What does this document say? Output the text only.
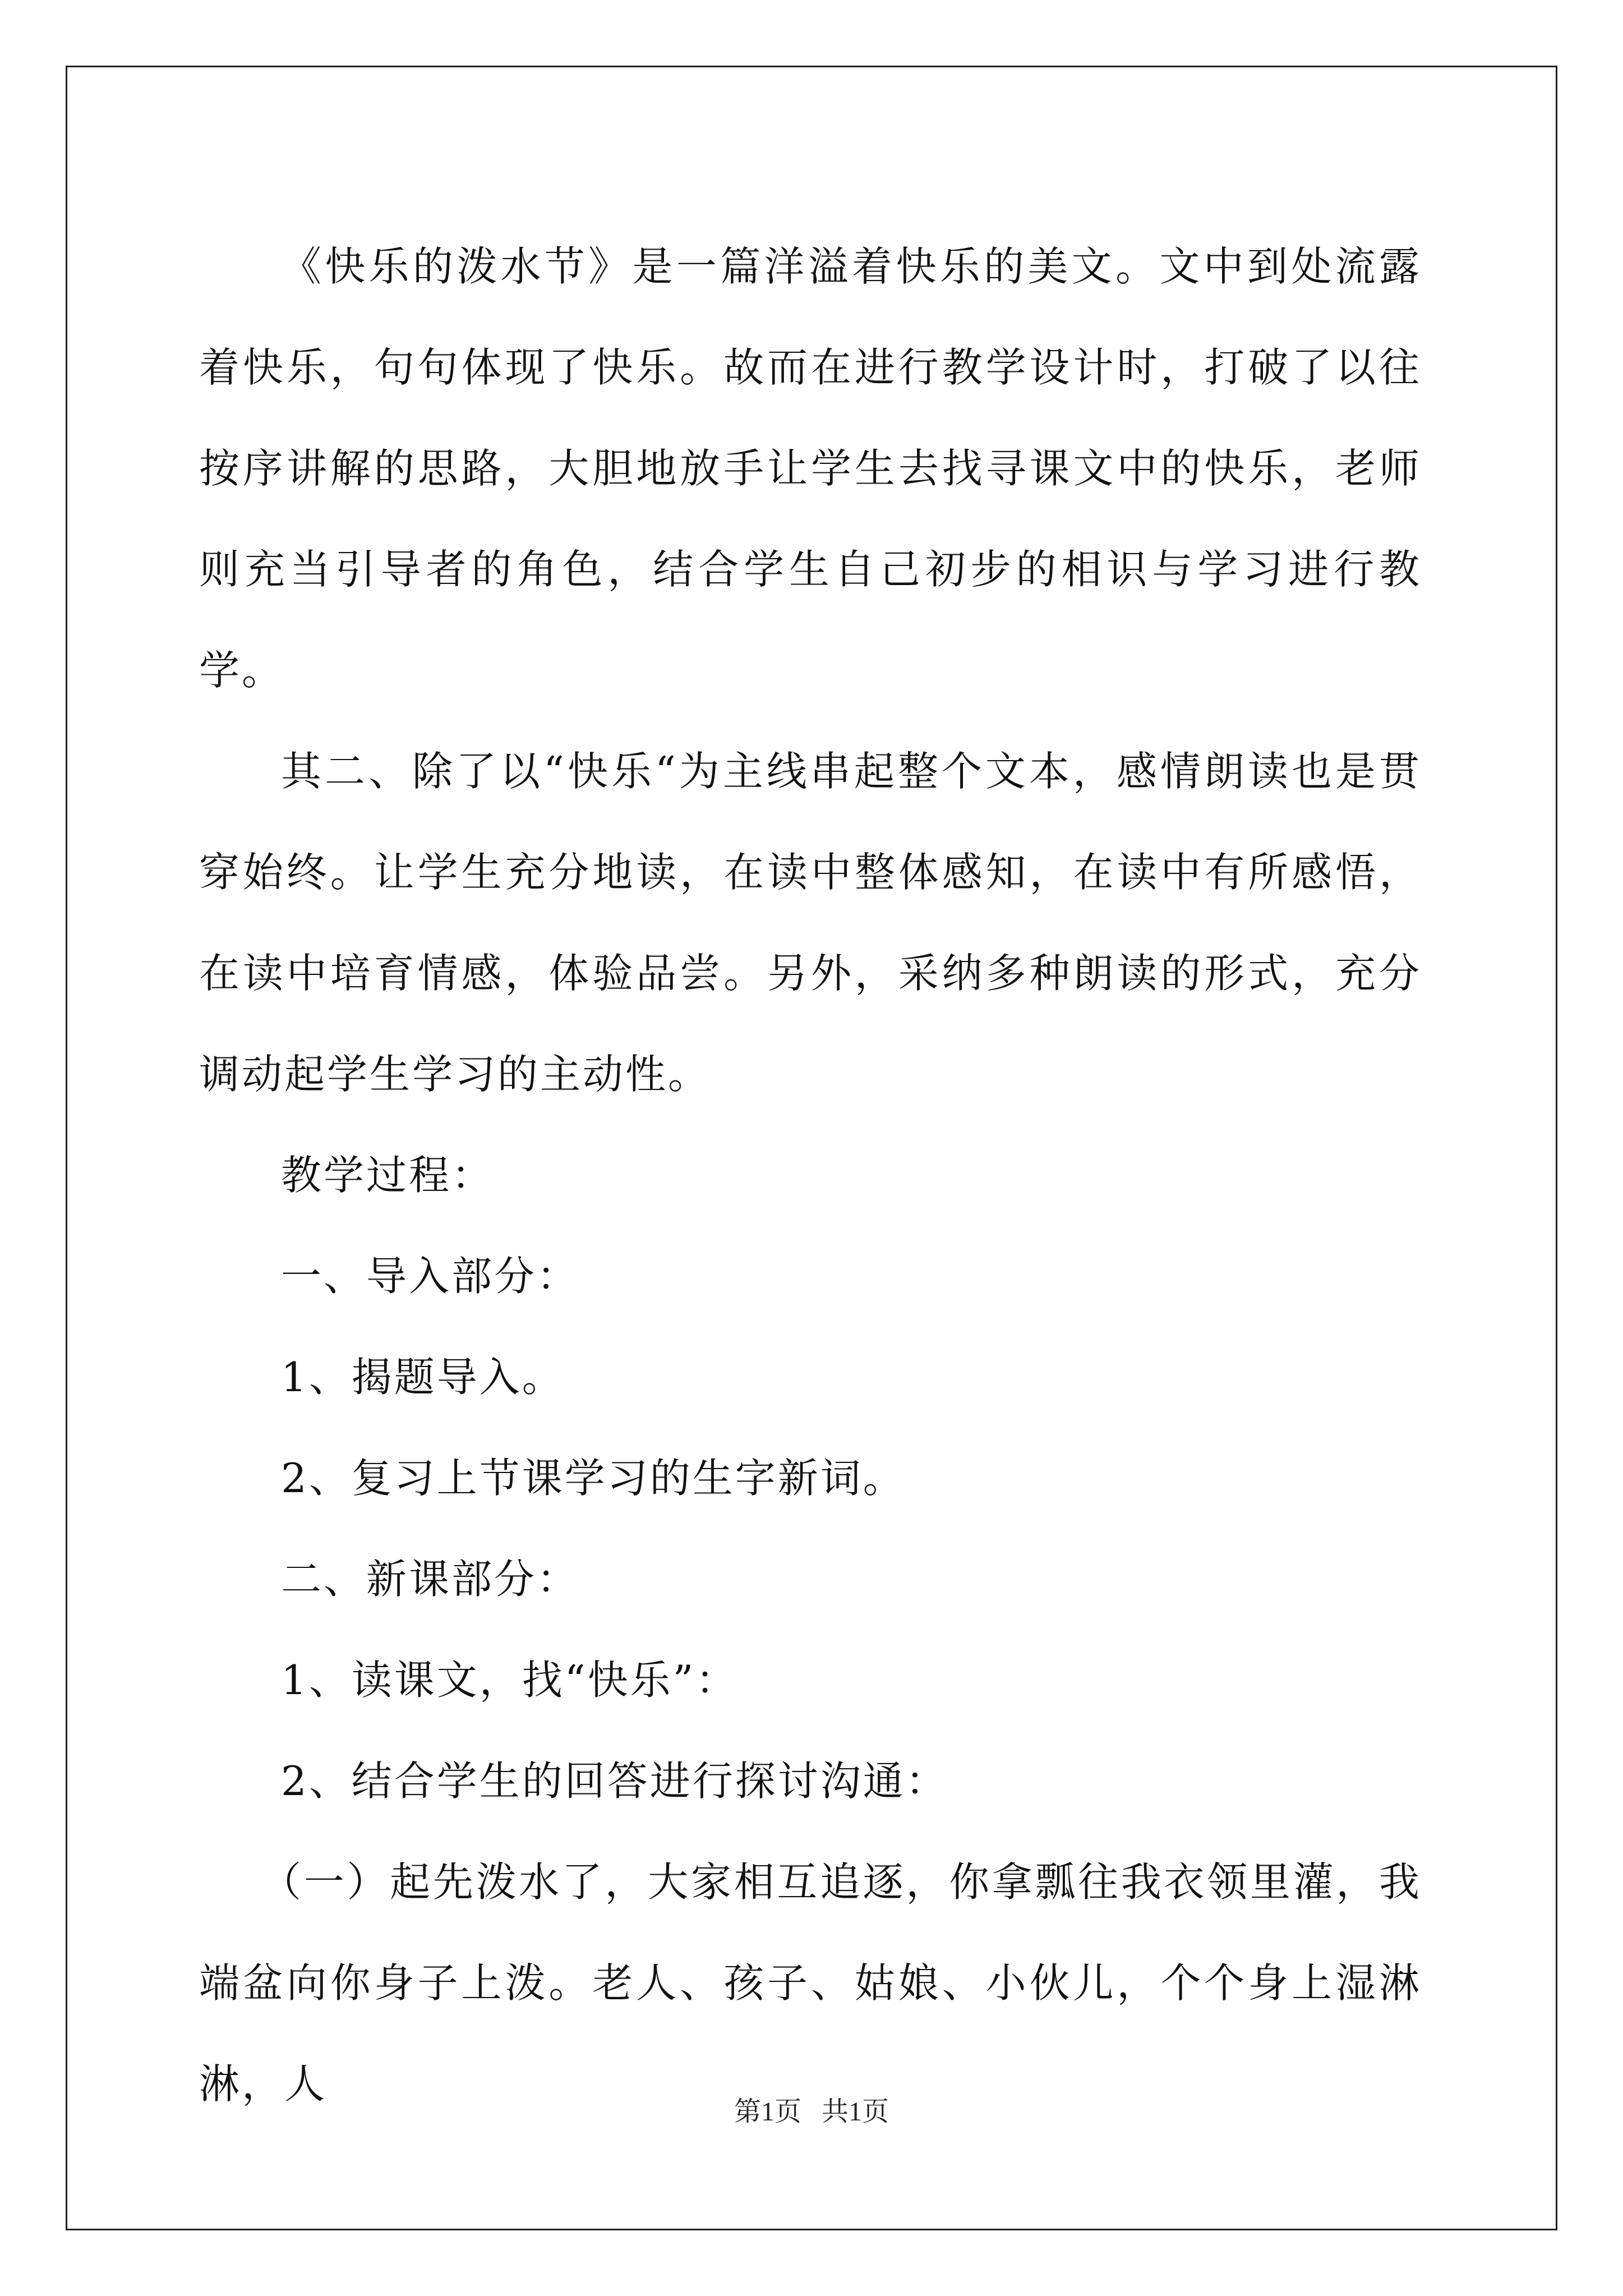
《快乐的泼水节》是一篇洋溢着快乐的美文。文中到处流露着快乐，句句体现了快乐。故而在进行教学设计时，打破了以往按序讲解的思路，大胆地放手让学生去找寻课文中的快乐，老师则充当引导者的角色，结合学生自己初步的相识与学习进行教学。

其二、除了以“快乐“为主线串起整个文本，感情朗读也是贯穿始终。让学生充分地读，在读中整体感知，在读中有所感悟，在读中培育情感，体验品尝。另外，采纳多种朗读的形式，充分调动起学生学习的主动性。

教学过程：

一、导入部分：

1、揭题导入。

2、复习上节课学习的生字新词。

二、新课部分：

1、读课文，找“快乐”：

2、结合学生的回答进行探讨沟通：

（一）起先泼水了，大家相互追逐，你拿瓢往我衣领里灌，我端盆向你身子上泼。老人、孩子、姑娘、小伙儿，个个身上湿淋淋，人

第1页 共1页
